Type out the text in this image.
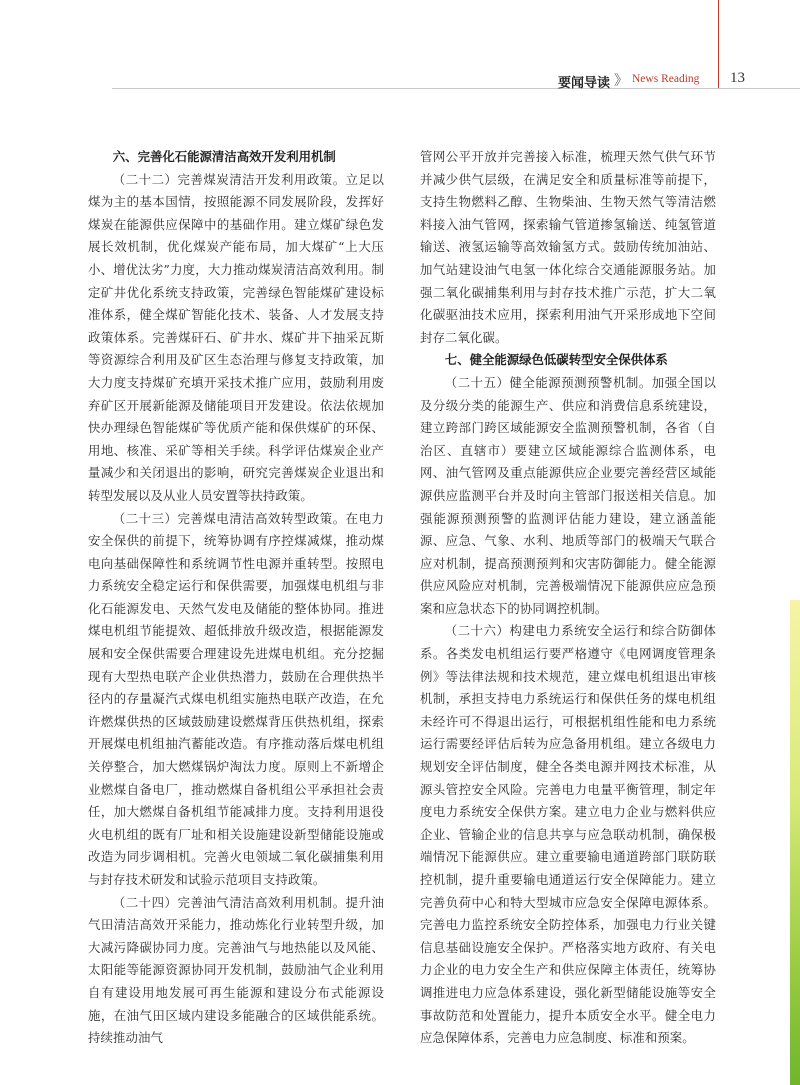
要闻导读 》 News Reading	13
六、完善化石能源清洁高效开发利用机制

（二十二）完善煤炭清洁开发利用政策。立足以煤为主的基本国情，按照能源不同发展阶段，发挥好煤炭在能源供应保障中的基础作用。建立煤矿绿色发展长效机制，优化煤炭产能布局，加大煤矿“上大压小、增优汰劣”力度，大力推动煤炭清洁高效利用。制定矿井优化系统支持政策，完善绿色智能煤矿建设标准体系，健全煤矿智能化技术、装备、人才发展支持政策体系。完善煤矸石、矿井水、煤矿井下抽采瓦斯等资源综合利用及矿区生态治理与修复支持政策，加大力度支持煤矿充填开采技术推广应用，鼓励利用废弃矿区开展新能源及储能项目开发建设。依法依规加快办理绿色智能煤矿等优质产能和保供煤矿的环保、用地、核准、采矿等相关手续。科学评估煤炭企业产量减少和关闭退出的影响，研究完善煤炭企业退出和转型发展以及从业人员安置等扶持政策。

（二十三）完善煤电清洁高效转型政策。在电力安全保供的前提下，统筹协调有序控煤减煤，推动煤电向基础保障性和系统调节性电源并重转型。按照电力系统安全稳定运行和保供需要，加强煤电机组与非化石能源发电、天然气发电及储能的整体协同。推进煤电机组节能提效、超低排放升级改造，根据能源发展和安全保供需要合理建设先进煤电机组。充分挖掘现有大型热电联产企业供热潜力，鼓励在合理供热半径内的存量凝汽式煤电机组实施热电联产改造，在允许燃煤供热的区域鼓励建设燃煤背压供热机组，探索开展煤电机组抽汽蓄能改造。有序推动落后煤电机组关停整合，加大燃煤锅炉淘汰力度。原则上不新增企业燃煤自备电厂，推动燃煤自备机组公平承担社会责任，加大燃煤自备机组节能减排力度。支持利用退役火电机组的既有厂址和相关设施建设新型储能设施或改造为同步调相机。完善火电领域二氧化碳捕集利用与封存技术研发和试验示范项目支持政策。

（二十四）完善油气清洁高效利用机制。提升油气田清洁高效开采能力，推动炼化行业转型升级，加大减污降碳协同力度。完善油气与地热能以及风能、太阳能等能源资源协同开发机制，鼓励油气企业利用自有建设用地发展可再生能源和建设分布式能源设施，在油气田区域内建设多能融合的区域供能系统。持续推动油气

管网公平开放并完善接入标准，梳理天然气供气环节并减少供气层级，在满足安全和质量标准等前提下，支持生物燃料乙醇、生物柴油、生物天然气等清洁燃料接入油气管网，探索输气管道掺氢输送、纯氢管道输送、液氢运输等高效输氢方式。鼓励传统加油站、加气站建设油气电氢一体化综合交通能源服务站。加强二氧化碳捕集利用与封存技术推广示范，扩大二氧化碳驱油技术应用，探索利用油气开采形成地下空间封存二氧化碳。

七、健全能源绿色低碳转型安全保供体系

（二十五）健全能源预测预警机制。加强全国以及分级分类的能源生产、供应和消费信息系统建设，建立跨部门跨区域能源安全监测预警机制，各省（自治区、直辖市）要建立区域能源综合监测体系，电网、油气管网及重点能源供应企业要完善经营区域能源供应监测平台并及时向主管部门报送相关信息。加强能源预测预警的监测评估能力建设，建立涵盖能源、应急、气象、水利、地质等部门的极端天气联合应对机制，提高预测预判和灾害防御能力。健全能源供应风险应对机制，完善极端情况下能源供应应急预案和应急状态下的协同调控机制。

（二十六）构建电力系统安全运行和综合防御体系。各类发电机组运行要严格遵守《电网调度管理条例》等法律法规和技术规范，建立煤电机组退出审核机制，承担支持电力系统运行和保供任务的煤电机组未经许可不得退出运行，可根据机组性能和电力系统运行需要经评估后转为应急备用机组。建立各级电力规划安全评估制度，健全各类电源并网技术标准，从源头管控安全风险。完善电力电量平衡管理，制定年度电力系统安全保供方案。建立电力企业与燃料供应企业、管输企业的信息共享与应急联动机制，确保极端情况下能源供应。建立重要输电通道跨部门联防联控机制，提升重要输电通道运行安全保障能力。建立完善负荷中心和特大型城市应急安全保障电源体系。完善电力监控系统安全防控体系，加强电力行业关键信息基础设施安全保护。严格落实地方政府、有关电力企业的电力安全生产和供应保障主体责任，统筹协调推进电力应急体系建设，强化新型储能设施等安全事故防范和处置能力，提升本质安全水平。健全电力应急保障体系，完善电力应急制度、标准和预案。
